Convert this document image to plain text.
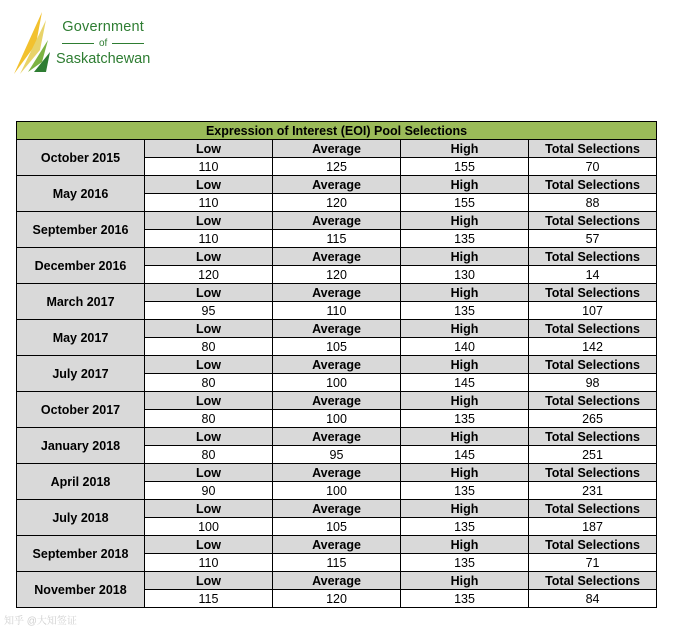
Government
of
Saskatchewan
Expression of Interest (EOI) Pool Selections				
October 2015	Low	Average	High	Total Selections
	110	125	155	70
May 2016	Low	Average	High	Total Selections
	110	120	155	88
September 2016	Low	Average	High	Total Selections
	110	115	135	57
December 2016	Low	Average	High	Total Selections
	120	120	130	14
March 2017	Low	Average	High	Total Selections
	95	110	135	107
May 2017	Low	Average	High	Total Selections
	80	105	140	142
July 2017	Low	Average	High	Total Selections
	80	100	145	98
October 2017	Low	Average	High	Total Selections
	80	100	135	265
January 2018	Low	Average	High	Total Selections
	80	95	145	251
April 2018	Low	Average	High	Total Selections
	90	100	135	231
July 2018	Low	Average	High	Total Selections
	100	105	135	187
September 2018	Low	Average	High	Total Selections
	110	115	135	71
November 2018	Low	Average	High	Total Selections
	115	120	135	84
知乎 @大知签证
